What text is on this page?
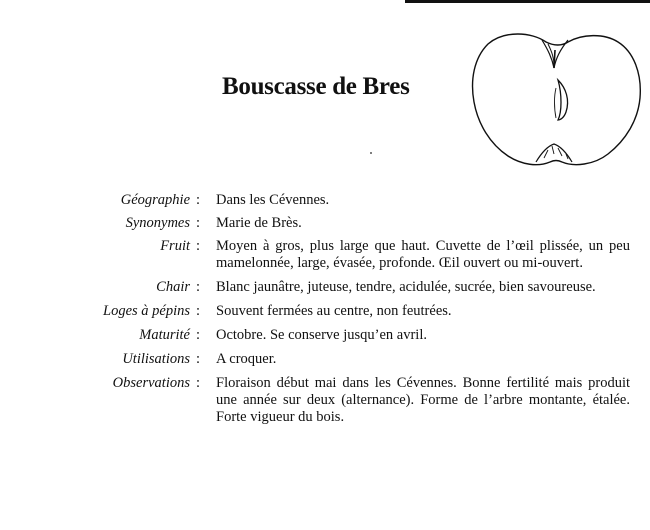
Bouscasse de Bres
Géographie :	Dans les Cévennes.
Synonymes :	Marie de Brès.
Fruit :	Moyen à gros, plus large que haut. Cuvette de l’œil plissée, un peu mamelonnée, large, évasée, profonde. Œil ouvert ou mi-ouvert.
Chair :	Blanc jaunâtre, juteuse, tendre, acidulée, sucrée, bien savoureuse.
Loges à pépins :	Souvent fermées au centre, non feutrées.
Maturité :	Octobre. Se conserve jusqu’en avril.
Utilisations :	A croquer.
Observations :	Floraison début mai dans les Cévennes. Bonne fertilité mais produit une année sur deux (alternance). Forme de l’arbre montante, étalée. Forte vigueur du bois.
